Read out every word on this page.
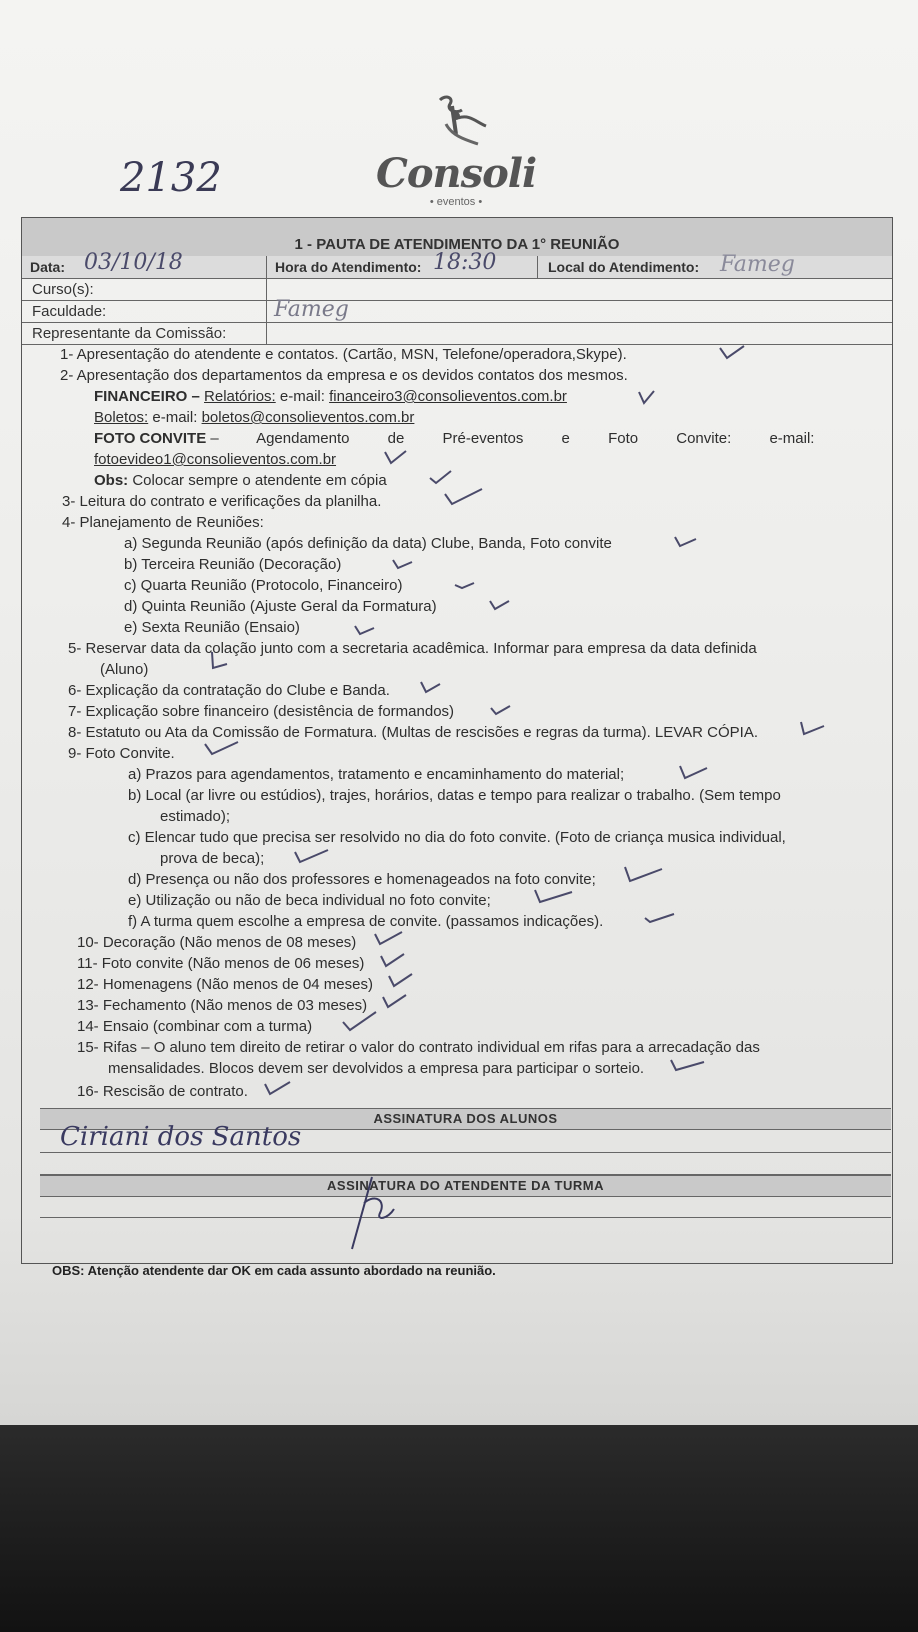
2132	Consoli
• eventos •
1 - PAUTA DE ATENDIMENTO DA 1° REUNIÃO
Data: 03/10/18	Hora do Atendimento: 18:30	Local do Atendimento: Fameg
Curso(s):
Faculdade:	Fameg
Representante da Comissão:
1- Apresentação do atendente e contatos. (Cartão, MSN, Telefone/operadora,Skype).
2- Apresentação dos departamentos da empresa e os devidos contatos dos mesmos.
FINANCEIRO – Relatórios: e-mail: financeiro3@consolieventos.com.br
Boletos: e-mail: boletos@consolieventos.com.br
FOTO CONVITE – Agendamento de Pré-eventos e Foto Convite: e-mail:
fotoevideo1@consolieventos.com.br
Obs: Colocar sempre o atendente em cópia
3- Leitura do contrato e verificações da planilha.
4- Planejamento de Reuniões:
a) Segunda Reunião (após definição da data) Clube, Banda, Foto convite
b) Terceira Reunião (Decoração)
c) Quarta Reunião (Protocolo, Financeiro)
d) Quinta Reunião (Ajuste Geral da Formatura)
e) Sexta Reunião (Ensaio)
5- Reservar data da colação junto com a secretaria acadêmica. Informar para empresa da data definida
(Aluno)
6- Explicação da contratação do Clube e Banda.
7- Explicação sobre financeiro (desistência de formandos)
8- Estatuto ou Ata da Comissão de Formatura. (Multas de rescisões e regras da turma). LEVAR CÓPIA.
9- Foto Convite.
a) Prazos para agendamentos, tratamento e encaminhamento do material;
b) Local (ar livre ou estúdios), trajes, horários, datas e tempo para realizar o trabalho. (Sem tempo
estimado);
c) Elencar tudo que precisa ser resolvido no dia do foto convite. (Foto de criança musica individual,
prova de beca);
d) Presença ou não dos professores e homenageados na foto convite;
e) Utilização ou não de beca individual no foto convite;
f) A turma quem escolhe a empresa de convite. (passamos indicações).
10- Decoração (Não menos de 08 meses)
11- Foto convite (Não menos de 06 meses)
12- Homenagens (Não menos de 04 meses)
13- Fechamento (Não menos de 03 meses)
14- Ensaio (combinar com a turma)
15- Rifas – O aluno tem direito de retirar o valor do contrato individual em rifas para a arrecadação das
mensalidades. Blocos devem ser devolvidos a empresa para participar o sorteio.
16- Rescisão de contrato.
ASSINATURA DOS ALUNOS
Ciriani dos Santos
ASSINATURA DO ATENDENTE DA TURMA
OBS: Atenção atendente dar OK em cada assunto abordado na reunião.
